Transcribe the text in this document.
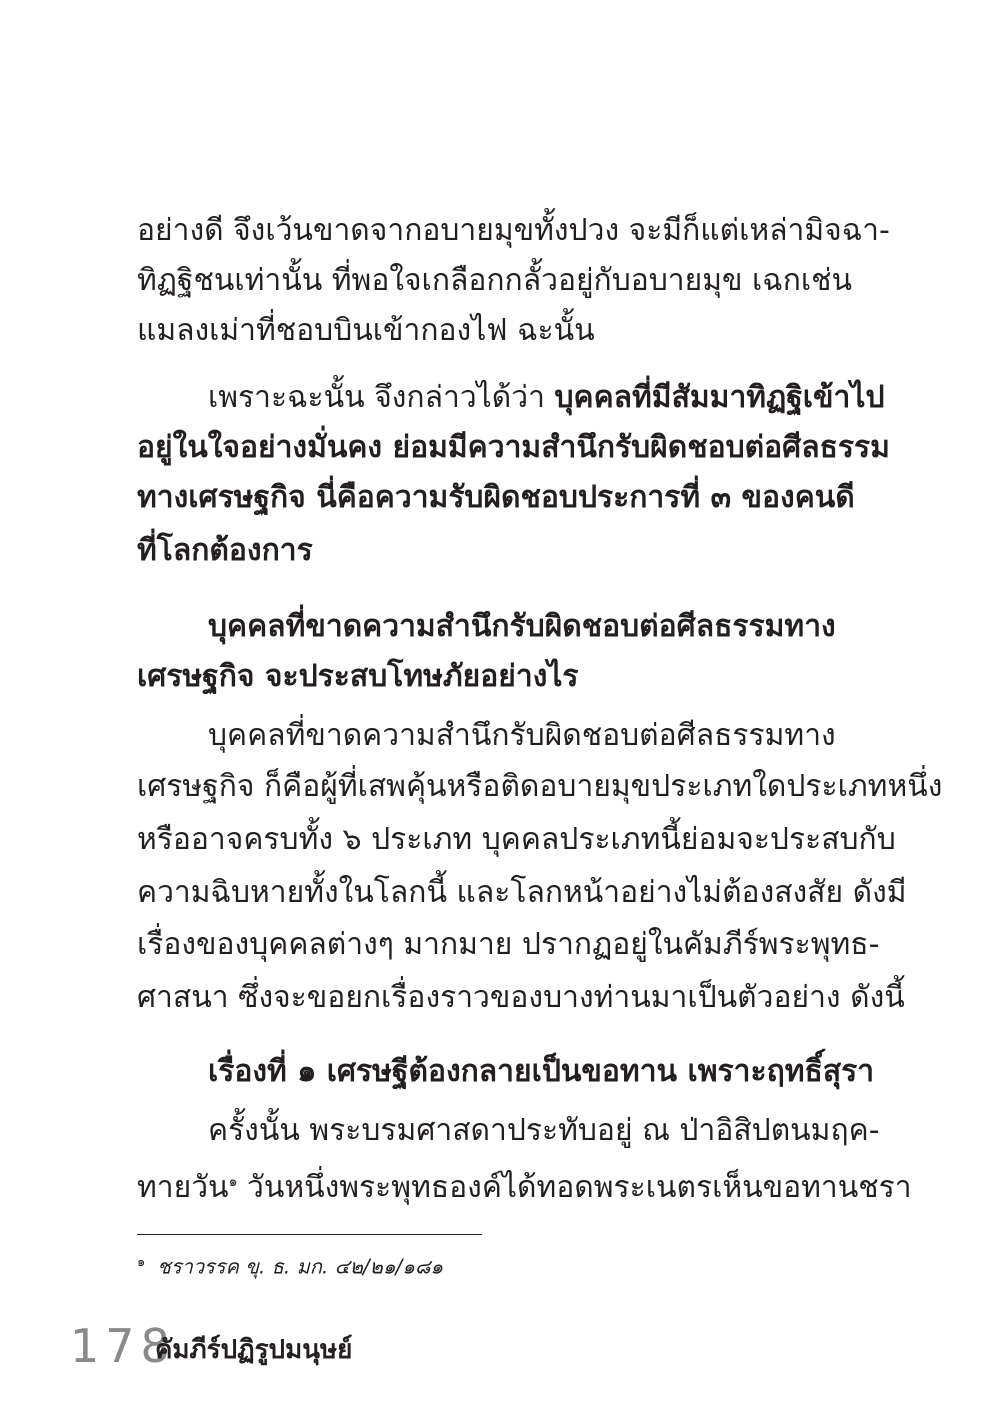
อย่างดี จึงเว้นขาดจากอบายมุขทั้งปวง จะมีก็แต่เหล่ามิจฉา-
ทิฏฐิชนเท่านั้น ที่พอใจเกลือกกลั้วอยู่กับอบายมุข เฉกเช่น
แมลงเม่าที่ชอบบินเข้ากองไฟ ฉะนั้น
เพราะฉะนั้น จึงกล่าวได้ว่า บุคคลที่มีสัมมาทิฏฐิเข้าไป
อยู่ในใจอย่างมั่นคง ย่อมมีความสำนึกรับผิดชอบต่อศีลธรรม
ทางเศรษฐกิจ นี่คือความรับผิดชอบประการที่ ๓ ของคนดี
ที่โลกต้องการ
บุคคลที่ขาดความสำนึกรับผิดชอบต่อศีลธรรมทาง
เศรษฐกิจ จะประสบโทษภัยอย่างไร
บุคคลที่ขาดความสำนึกรับผิดชอบต่อศีลธรรมทาง
เศรษฐกิจ ก็คือผู้ที่เสพคุ้นหรือติดอบายมุขประเภทใดประเภทหนึ่ง
หรืออาจครบทั้ง ๖ ประเภท บุคคลประเภทนี้ย่อมจะประสบกับ
ความฉิบหายทั้งในโลกนี้ และโลกหน้าอย่างไม่ต้องสงสัย ดังมี
เรื่องของบุคคลต่างๆ มากมาย ปรากฏอยู่ในคัมภีร์พระพุทธ-
ศาสนา ซึ่งจะขอยกเรื่องราวของบางท่านมาเป็นตัวอย่าง ดังนี้
เรื่องที่ ๑ เศรษฐีต้องกลายเป็นขอทาน เพราะฤทธิ์สุรา
ครั้งนั้น พระบรมศาสดาประทับอยู่ ณ ป่าอิสิปตนมฤค-
ทายวัน$^๑$ วันหนึ่งพระพุทธองค์ได้ทอดพระเนตรเห็นขอทานชรา
$^๑$ ชราวรรค ขุ. ธ. มก. ๔๒/๒๑/๑๘๑
178
คัมภีร์ปฏิรูปมนุษย์
